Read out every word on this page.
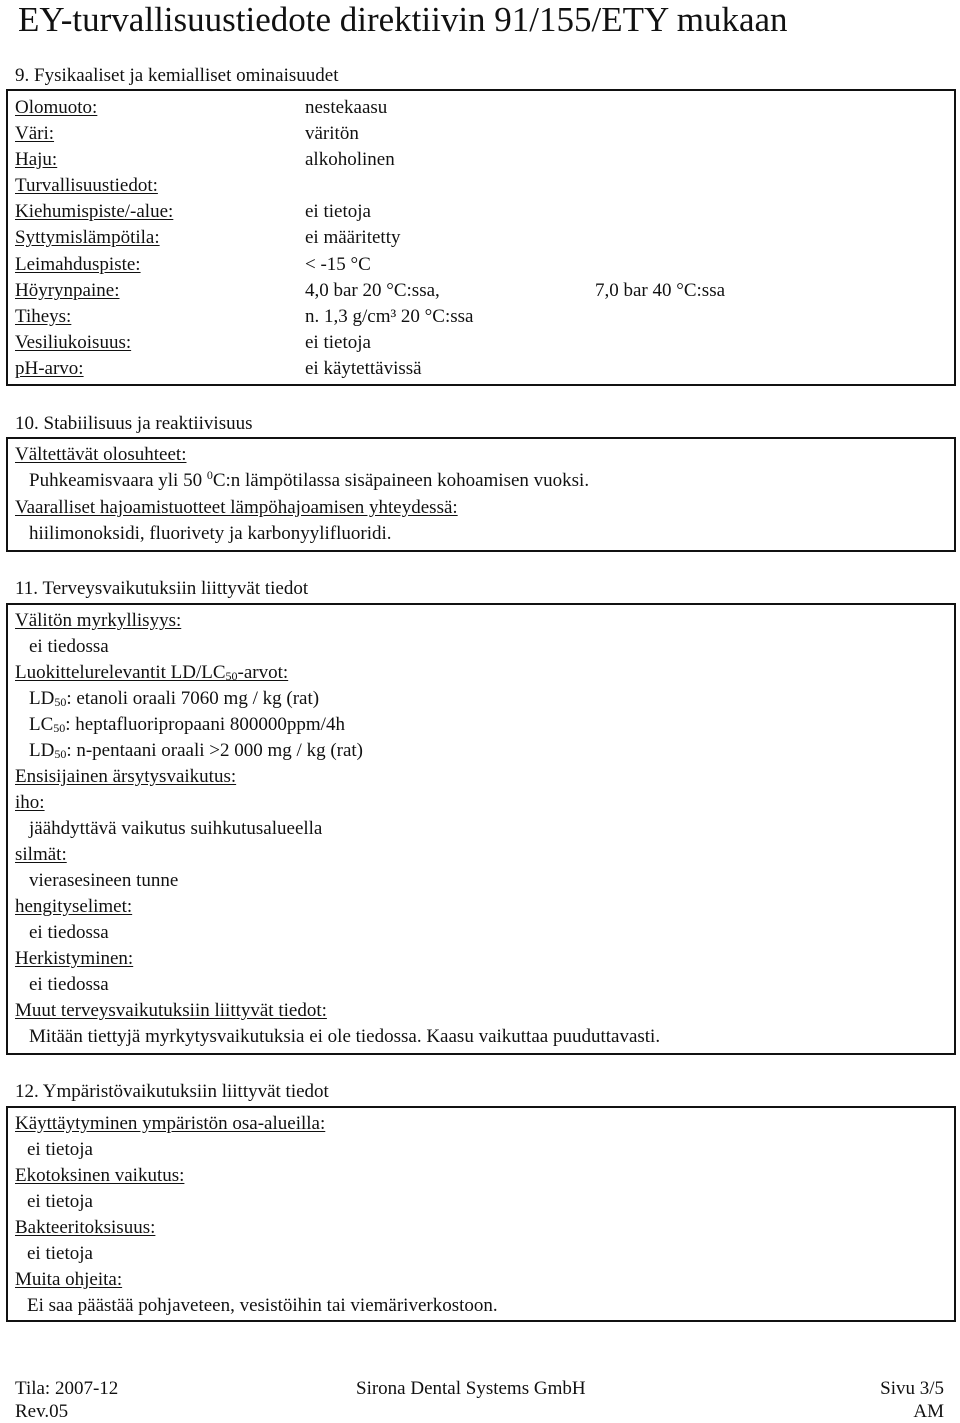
EY-turvallisuustiedote direktiivin 91/155/ETY mukaan
9. Fysikaaliset ja kemialliset ominaisuudet
Olomuoto:	nestekaasu
Väri:	väritön
Haju:	alkoholinen
Turvallisuustiedot:
Kiehumispiste/-alue:	ei tietoja
Syttymislämpötila:	ei määritetty
Leimahduspiste:	< -15 °C
Höyrynpaine:	4,0 bar 20 °C:ssa,	7,0 bar 40 °C:ssa
Tiheys:	n. 1,3 g/cm³ 20 °C:ssa
Vesiliukoisuus:	ei tietoja
pH-arvo:	ei käytettävissä
10. Stabiilisuus ja reaktiivisuus
Vältettävät olosuhteet:
Puhkeamisvaara yli 50 $^0$C:n lämpötilassa sisäpaineen kohoamisen vuoksi.
Vaaralliset hajoamistuotteet lämpöhajoamisen yhteydessä:
hiilimonoksidi, fluorivety ja karbonyylifluoridi.
11. Terveysvaikutuksiin liittyvät tiedot
Välitön myrkyllisyys:
ei tiedossa
Luokittelurelevantit $LD/LC_{50}$-arvot:
$LD_{50}$: etanoli oraali 7060 mg / kg (rat)
$LC_{50}$: heptafluoripropaani 800000ppm/4h
$LD_{50}$: n-pentaani oraali >2 000 mg / kg (rat)
Ensisijainen ärsytysvaikutus:
iho:
jäähdyttävä vaikutus suihkutusalueella
silmät:
vierasesineen tunne
hengityselimet:
ei tiedossa
Herkistyminen:
ei tiedossa
Muut terveysvaikutuksiin liittyvät tiedot:
Mitään tiettyjä myrkytysvaikutuksia ei ole tiedossa. Kaasu vaikuttaa puuduttavasti.
12. Ympäristövaikutuksiin liittyvät tiedot
Käyttäytyminen ympäristön osa-alueilla:
ei tietoja
Ekotoksinen vaikutus:
ei tietoja
Bakteeritoksisuus:
ei tietoja
Muita ohjeita:
Ei saa päästää pohjaveteen, vesistöihin tai viemäriverkostoon.
Tila: 2007-12
Rev.05
Sirona Dental Systems GmbH	Sivu 3/5
AM
